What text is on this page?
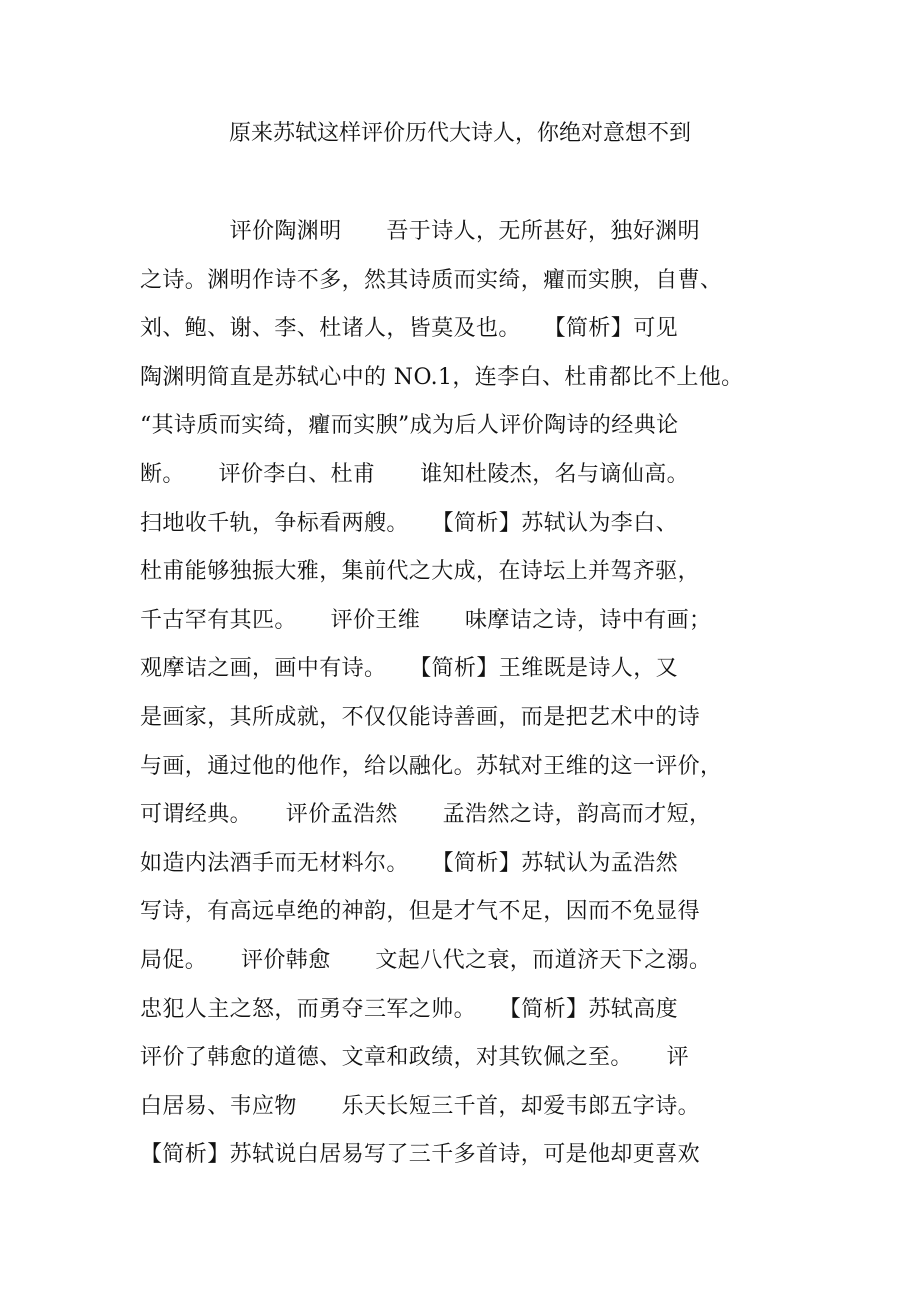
原来苏轼这样评价历代大诗人，你绝对意想不到
　　　　评价陶渊明　　吾于诗人，无所甚好，独好渊明
之诗。渊明作诗不多，然其诗质而实绮，癯而实腴，自曹、
刘、鲍、谢、李、杜诸人，皆莫及也。　　【简析】可见
陶渊明简直是苏轼心中的 NO.1，连李白、杜甫都比不上他。
“其诗质而实绮，癯而实腴”成为后人评价陶诗的经典论
断。　　评价李白、杜甫　　谁知杜陵杰，名与谪仙高。
扫地收千轨，争标看两艘。　　【简析】苏轼认为李白、
杜甫能够独振大雅，集前代之大成，在诗坛上并驾齐驱，
千古罕有其匹。　　评价王维　　味摩诘之诗，诗中有画；
观摩诘之画，画中有诗。　　【简析】王维既是诗人，又
是画家，其所成就，不仅仅能诗善画，而是把艺术中的诗
与画，通过他的他作，给以融化。苏轼对王维的这一评价，
可谓经典。　　评价孟浩然　　孟浩然之诗，韵高而才短，
如造内法酒手而无材料尔。　　【简析】苏轼认为孟浩然
写诗，有高远卓绝的神韵，但是才气不足，因而不免显得
局促。　　评价韩愈　　文起八代之衰，而道济天下之溺。
忠犯人主之怒，而勇夺三军之帅。　　【简析】苏轼高度
评价了韩愈的道德、文章和政绩，对其钦佩之至。　　评
白居易、韦应物　　乐天长短三千首，却爱韦郎五字诗。
【简析】苏轼说白居易写了三千多首诗，可是他却更喜欢
